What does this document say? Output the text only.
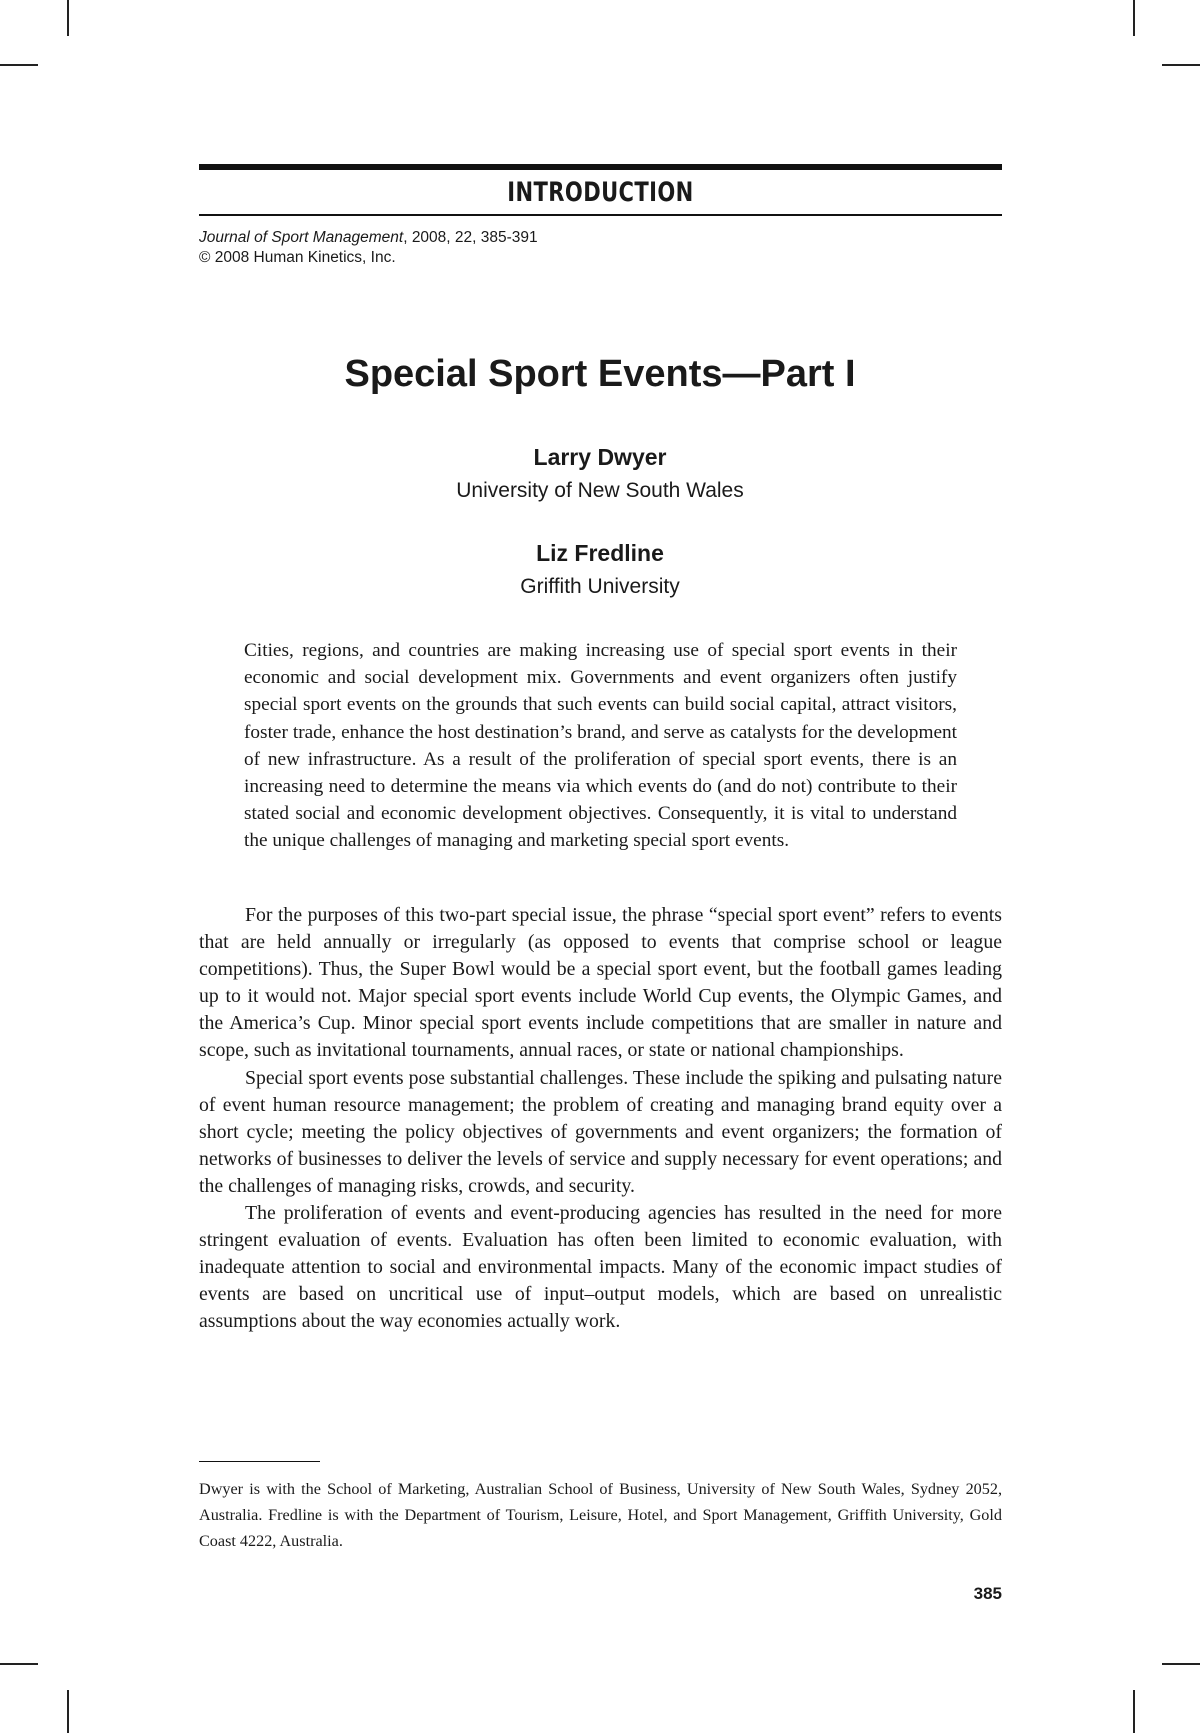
INTRODUCTION
Journal of Sport Management, 2008, 22, 385-391
© 2008 Human Kinetics, Inc.
Special Sport Events—Part I
Larry Dwyer
University of New South Wales
Liz Fredline
Griffith University

Cities, regions, and countries are making increasing use of special sport events in their economic and social development mix. Governments and event organizers often justify special sport events on the grounds that such events can build social capital, attract visitors, foster trade, enhance the host destination’s brand, and serve as catalysts for the development of new infrastructure. As a result of the proliferation of special sport events, there is an increasing need to determine the means via which events do (and do not) contribute to their stated social and economic development objectives. Consequently, it is vital to understand the unique challenges of managing and marketing special sport events.

For the purposes of this two-part special issue, the phrase “special sport event” refers to events that are held annually or irregularly (as opposed to events that comprise school or league competitions). Thus, the Super Bowl would be a special sport event, but the football games leading up to it would not. Major special sport events include World Cup events, the Olympic Games, and the America’s Cup. Minor special sport events include competitions that are smaller in nature and scope, such as invitational tournaments, annual races, or state or national championships.

Special sport events pose substantial challenges. These include the spiking and pulsating nature of event human resource management; the problem of creating and managing brand equity over a short cycle; meeting the policy objectives of governments and event organizers; the formation of networks of businesses to deliver the levels of service and supply necessary for event operations; and the challenges of managing risks, crowds, and security.

The proliferation of events and event-producing agencies has resulted in the need for more stringent evaluation of events. Evaluation has often been limited to economic evaluation, with inadequate attention to social and environmental impacts. Many of the economic impact studies of events are based on uncritical use of input–output models, which are based on unrealistic assumptions about the way economies actually work.

Dwyer is with the School of Marketing, Australian School of Business, University of New South Wales, Sydney 2052, Australia. Fredline is with the Department of Tourism, Leisure, Hotel, and Sport Management, Griffith University, Gold Coast 4222, Australia.

385
